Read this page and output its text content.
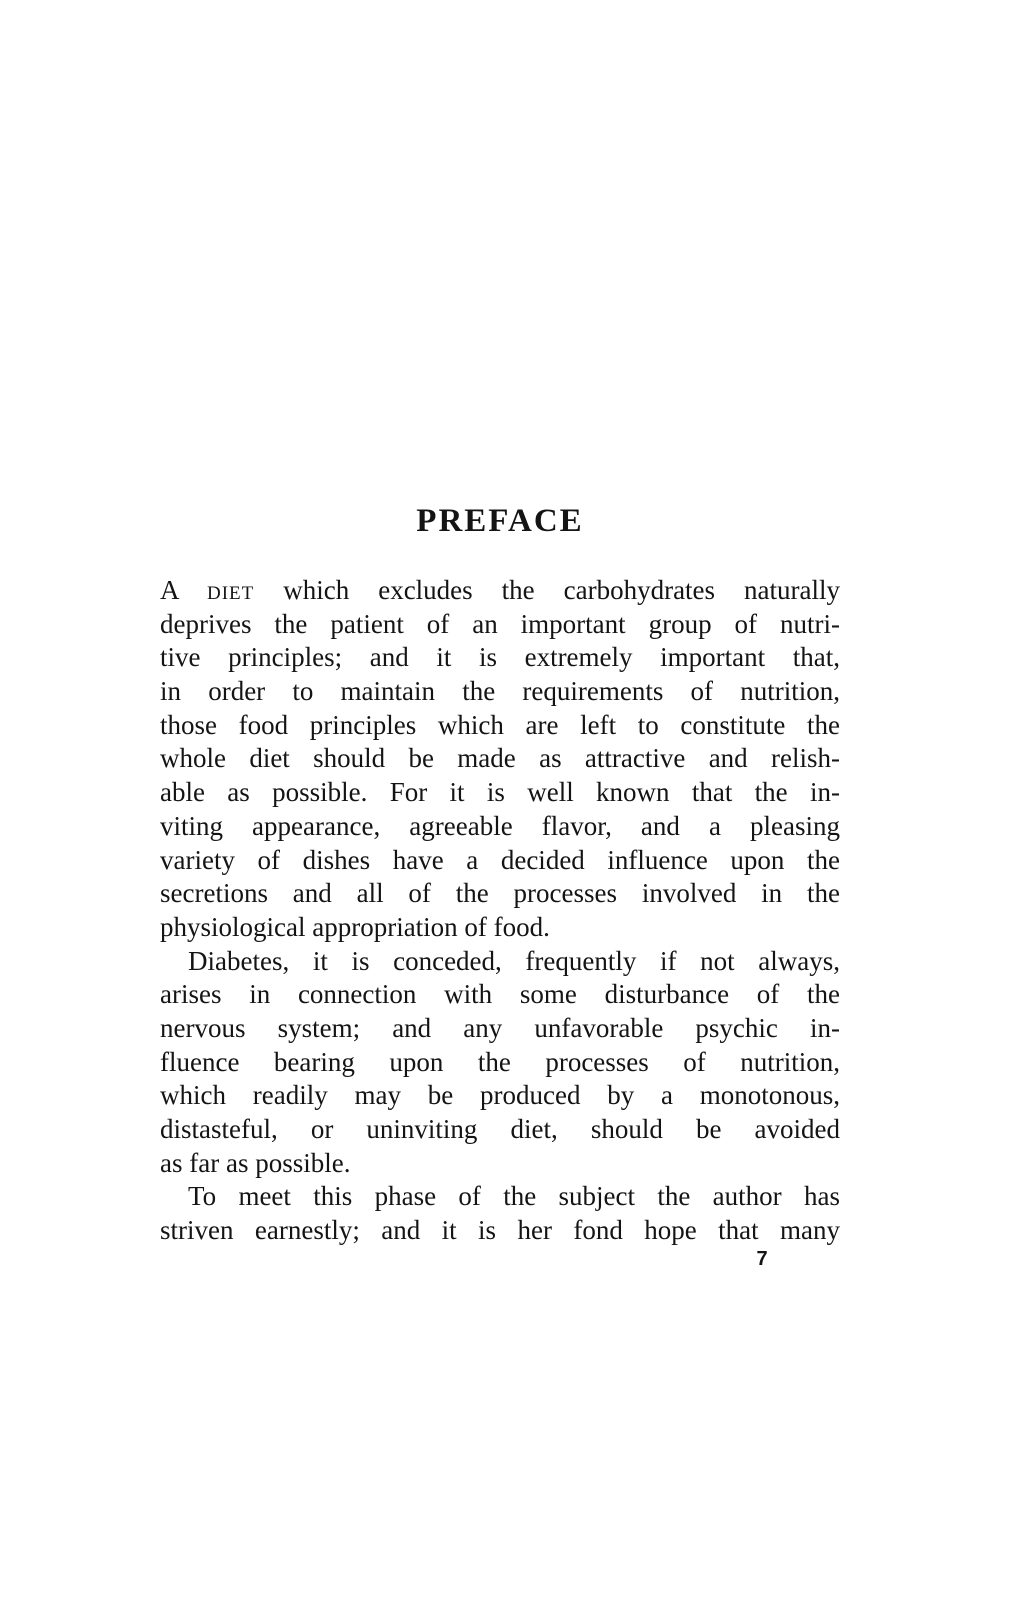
PREFACE
A diet which excludes the carbohydrates naturally
deprives the patient of an important group of nutri-
tive principles; and it is extremely important that,
in order to maintain the requirements of nutrition,
those food principles which are left to constitute the
whole diet should be made as attractive and relish-
able as possible. For it is well known that the in-
viting appearance, agreeable flavor, and a pleasing
variety of dishes have a decided influence upon the
secretions and all of the processes involved in the
physiological appropriation of food.
Diabetes, it is conceded, frequently if not always,
arises in connection with some disturbance of the
nervous system; and any unfavorable psychic in-
fluence bearing upon the processes of nutrition,
which readily may be produced by a monotonous,
distasteful, or uninviting diet, should be avoided
as far as possible.
To meet this phase of the subject the author has
striven earnestly; and it is her fond hope that many
7
